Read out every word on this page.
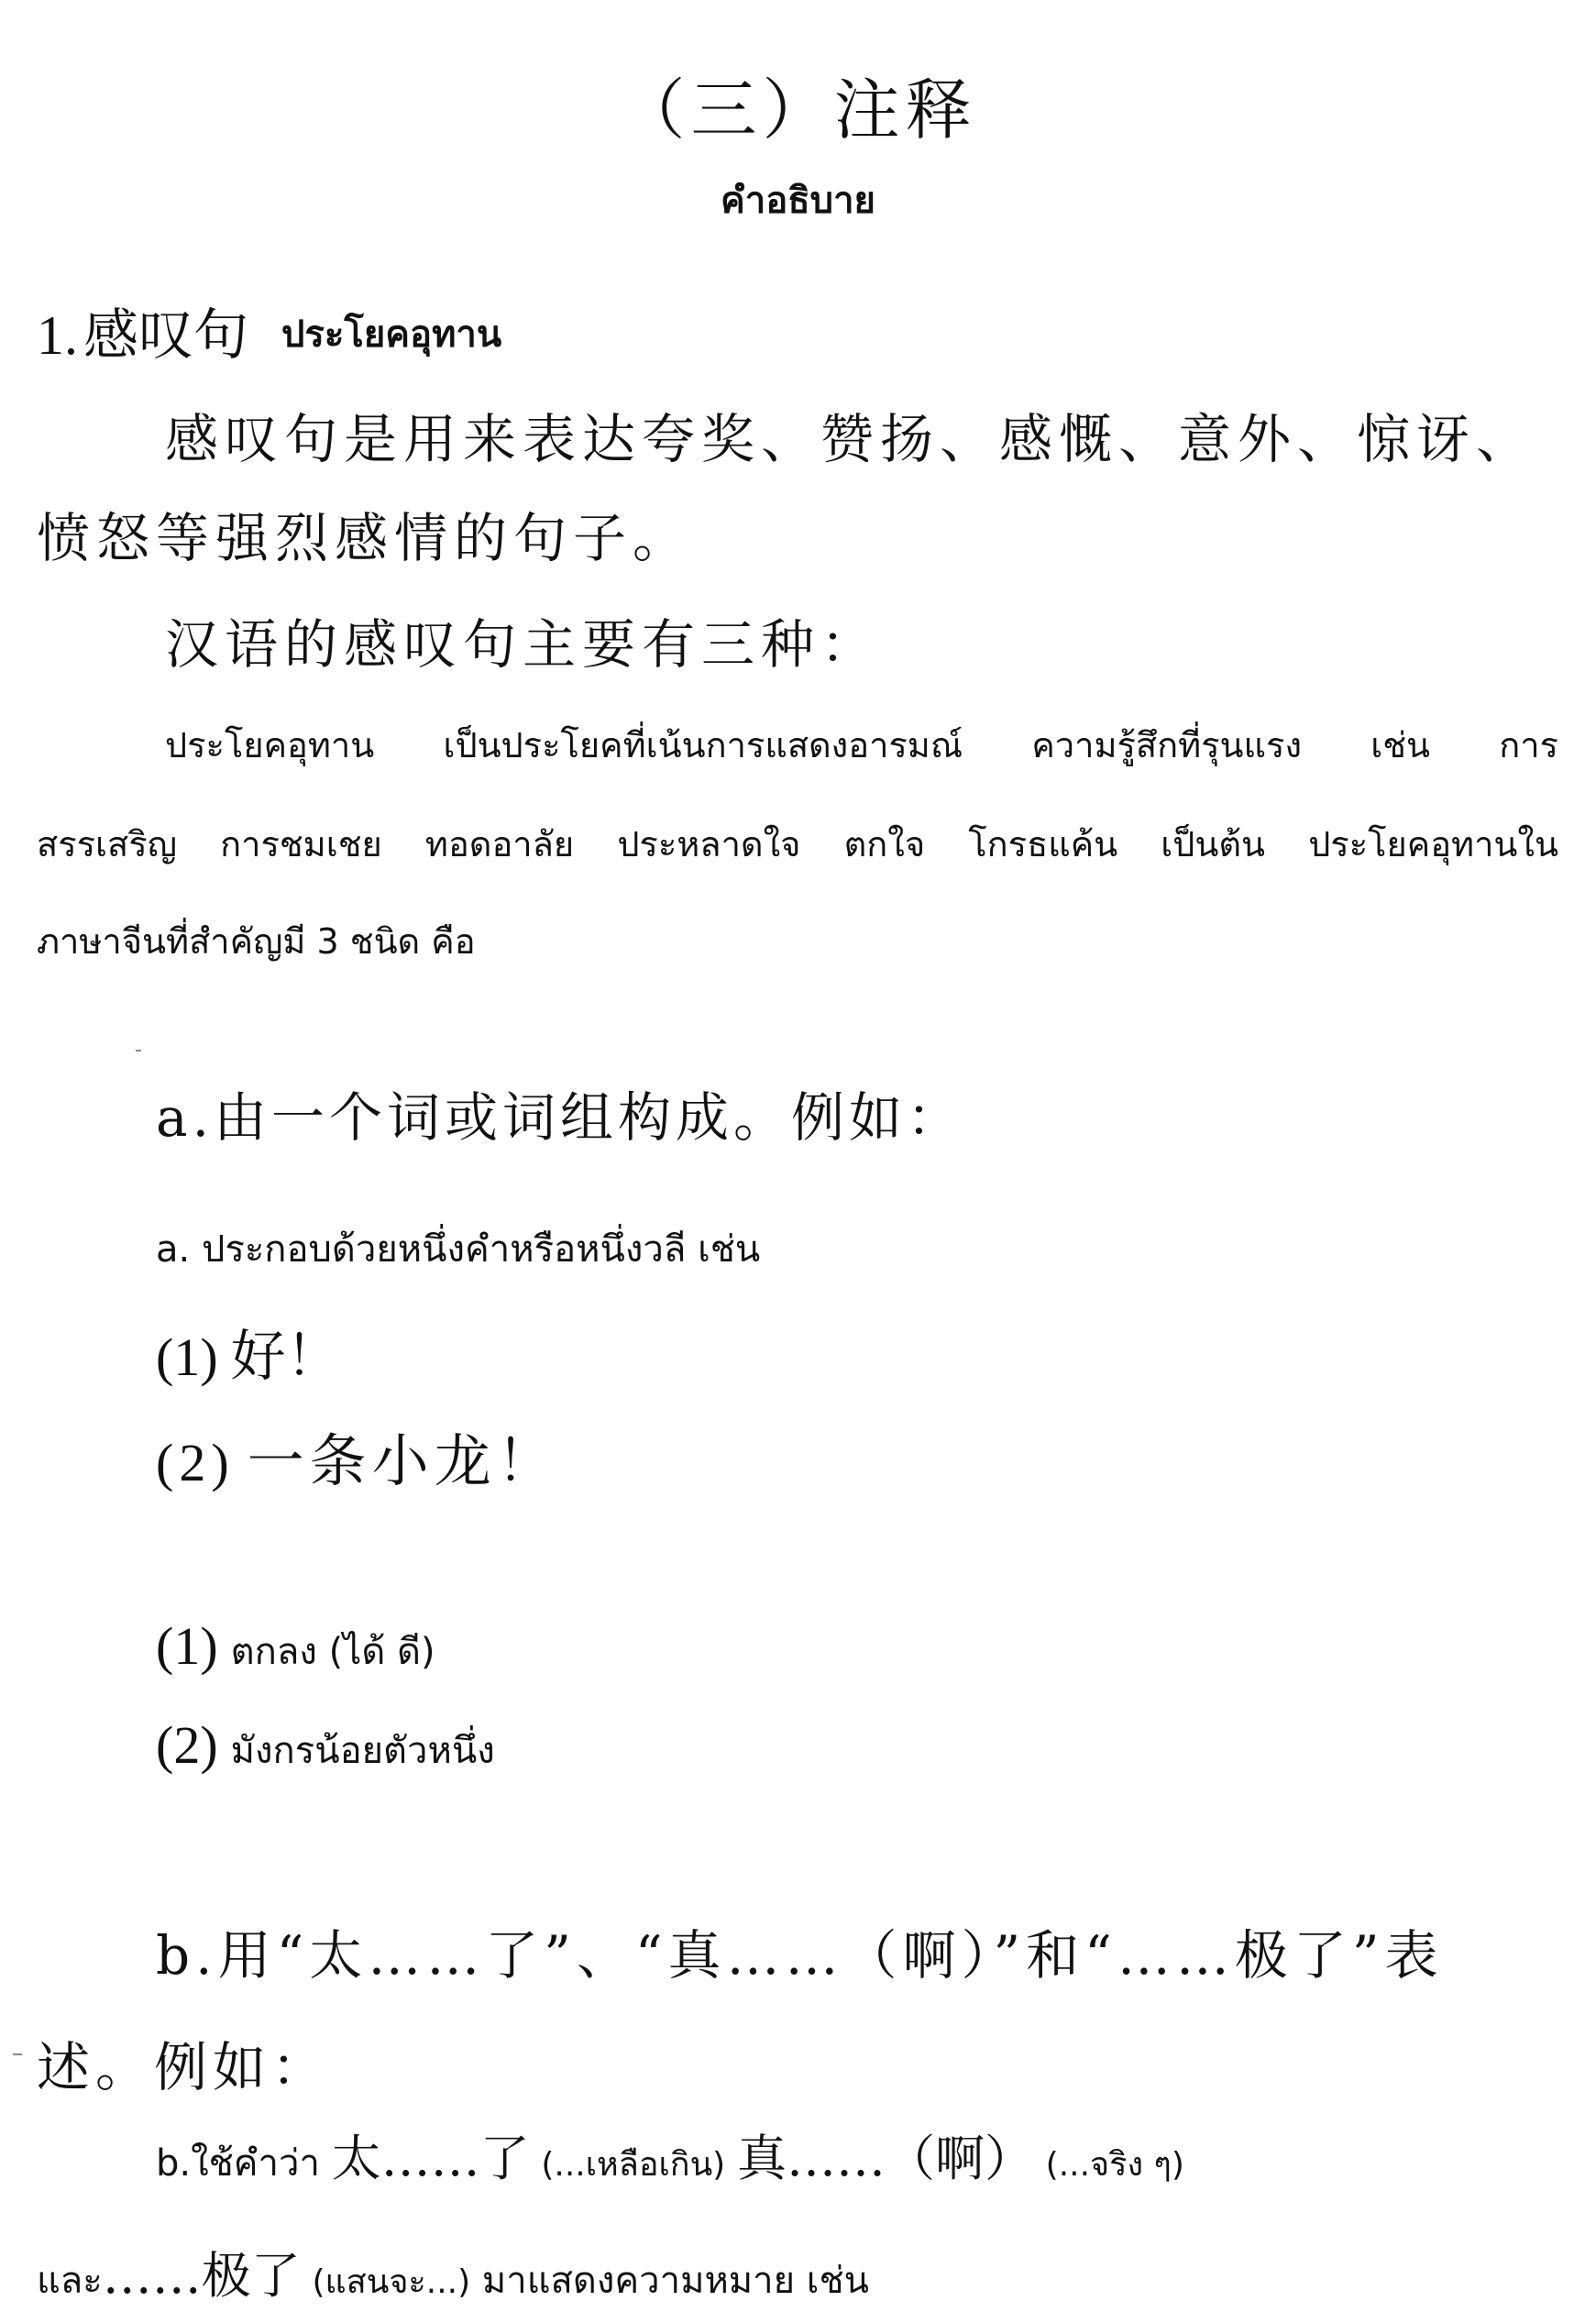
（三）注释
คำอธิบาย
1. 感叹句 ประโยคอุทาน
感叹句是用来表达夸奖、赞扬、感慨、意外、惊讶、
愤怒等强烈感情的句子。
汉语的感叹句主要有三种：
ประโยคอุทาน เป็นประโยคที่เน้นการแสดงอารมณ์ ความรู้สึกที่รุนแรง เช่น การ
สรรเสริญ การชมเชย ทอดอาลัย ประหลาดใจ ตกใจ โกรธแค้น เป็นต้น ประโยคอุทานใน
ภาษาจีนที่สำคัญมี 3 ชนิด คือ
a.由一个词或词组构成。例如：
a. ประกอบด้วยหนึ่งคำหรือหนึ่งวลี เช่น
(1) 好！
(2) 一条小龙！
(1) ตกลง (ได้ ดี)
(2) มังกรน้อยตัวหนึ่ง
b.用“太……了”、“真……（啊）”和“……极了”表
述。例如：
b.ใช้คำว่า 太……了 (...เหลือเกิน) 真……（啊） (...จริง ๆ)
และ……极了 (แสนจะ...) มาแสดงความหมาย เช่น
